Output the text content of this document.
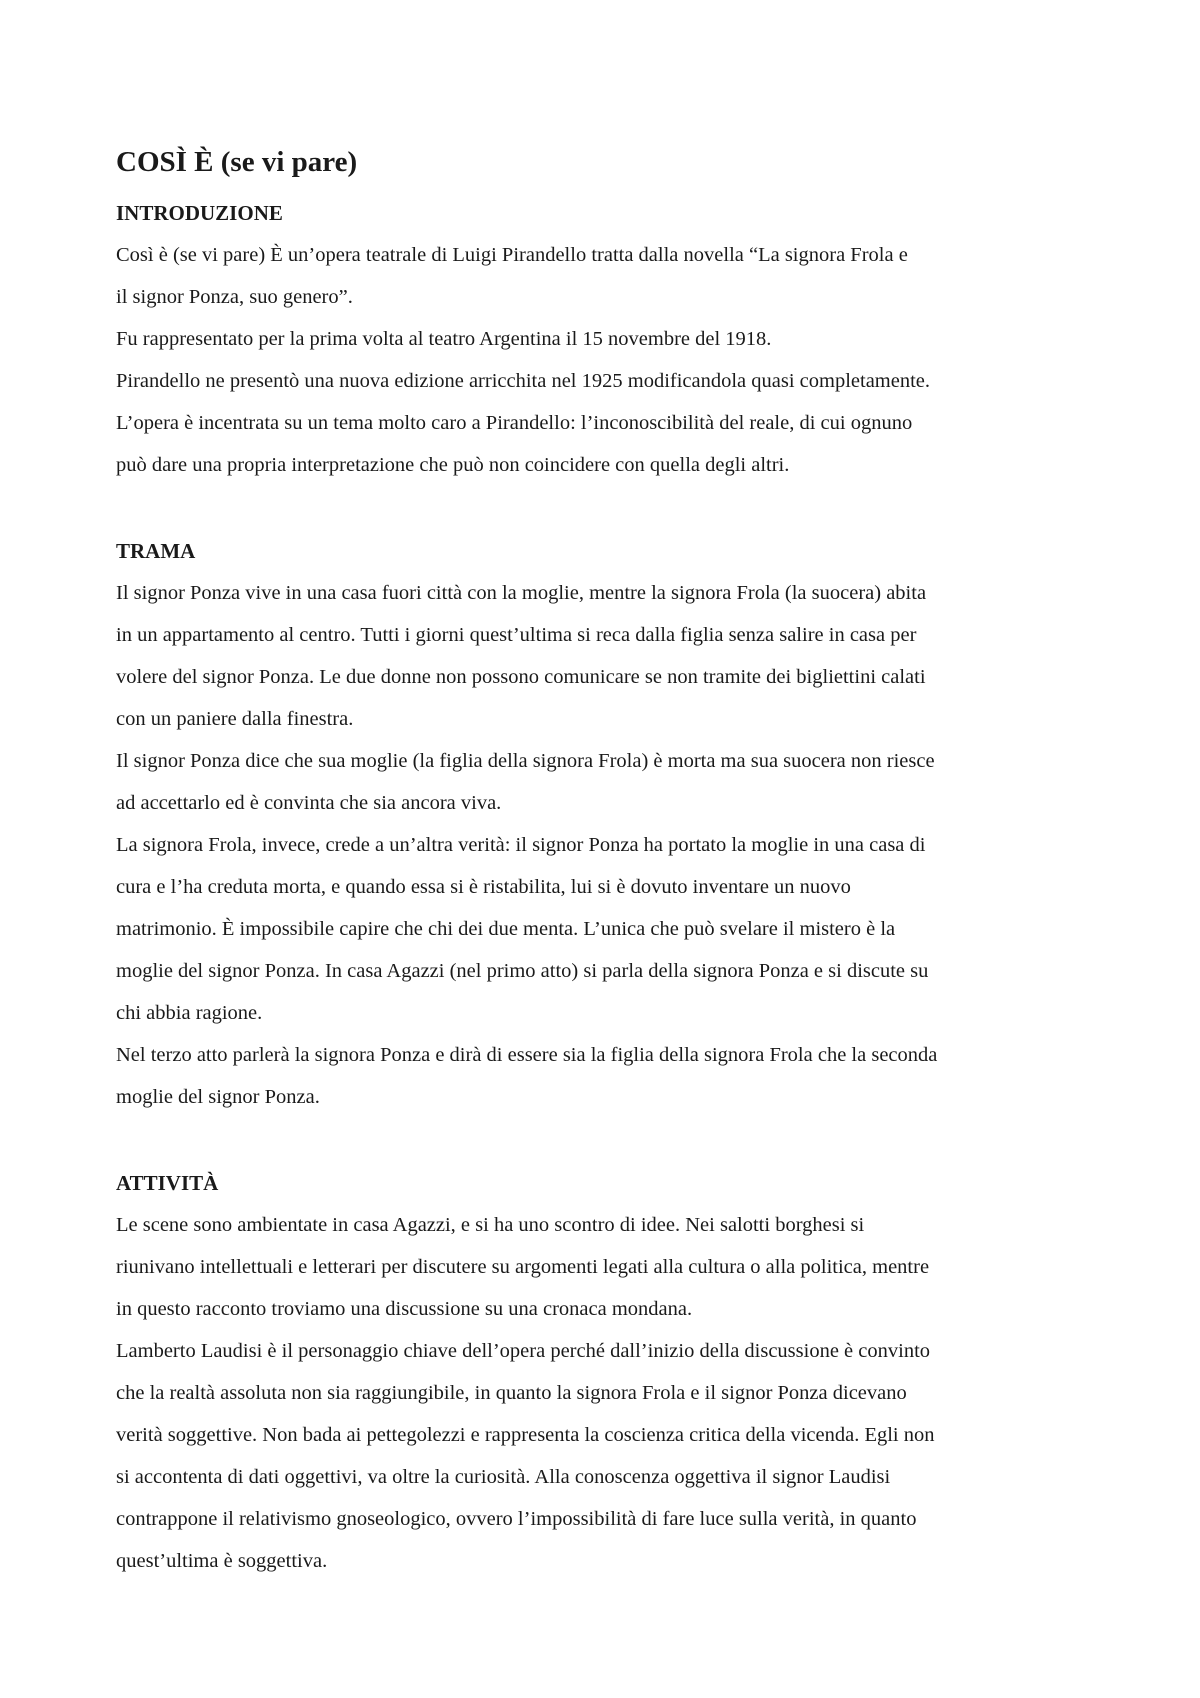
COSÌ È (se vi pare)
INTRODUZIONE

Così è (se vi pare) È un’opera teatrale di Luigi Pirandello tratta dalla novella “La signora Frola e
il signor Ponza, suo genero”.

Fu rappresentato per la prima volta al teatro Argentina il 15 novembre del 1918.

Pirandello ne presentò una nuova edizione arricchita nel 1925 modificandola quasi completamente.

L’opera è incentrata su un tema molto caro a Pirandello: l’inconoscibilità del reale, di cui ognuno
può dare una propria interpretazione che può non coincidere con quella degli altri.

TRAMA

Il signor Ponza vive in una casa fuori città con la moglie, mentre la signora Frola (la suocera) abita
in un appartamento al centro. Tutti i giorni quest’ultima si reca dalla figlia senza salire in casa per
volere del signor Ponza. Le due donne non possono comunicare se non tramite dei bigliettini calati
con un paniere dalla finestra.

Il signor Ponza dice che sua moglie (la figlia della signora Frola) è morta ma sua suocera non riesce
ad accettarlo ed è convinta che sia ancora viva.

La signora Frola, invece, crede a un’altra verità: il signor Ponza ha portato la moglie in una casa di
cura e l’ha creduta morta, e quando essa si è ristabilita, lui si è dovuto inventare un nuovo
matrimonio. È impossibile capire che chi dei due menta. L’unica che può svelare il mistero è la
moglie del signor Ponza. In casa Agazzi (nel primo atto) si parla della signora Ponza e si discute su
chi abbia ragione.

Nel terzo atto parlerà la signora Ponza e dirà di essere sia la figlia della signora Frola che la seconda
moglie del signor Ponza.

ATTIVITÀ

Le scene sono ambientate in casa Agazzi, e si ha uno scontro di idee. Nei salotti borghesi si
riunivano intellettuali e letterari per discutere su argomenti legati alla cultura o alla politica, mentre
in questo racconto troviamo una discussione su una cronaca mondana.

Lamberto Laudisi è il personaggio chiave dell’opera perché dall’inizio della discussione è convinto
che la realtà assoluta non sia raggiungibile, in quanto la signora Frola e il signor Ponza dicevano
verità soggettive. Non bada ai pettegolezzi e rappresenta la coscienza critica della vicenda. Egli non
si accontenta di dati oggettivi, va oltre la curiosità. Alla conoscenza oggettiva il signor Laudisi
contrappone il relativismo gnoseologico, ovvero l’impossibilità di fare luce sulla verità, in quanto
quest’ultima è soggettiva.
